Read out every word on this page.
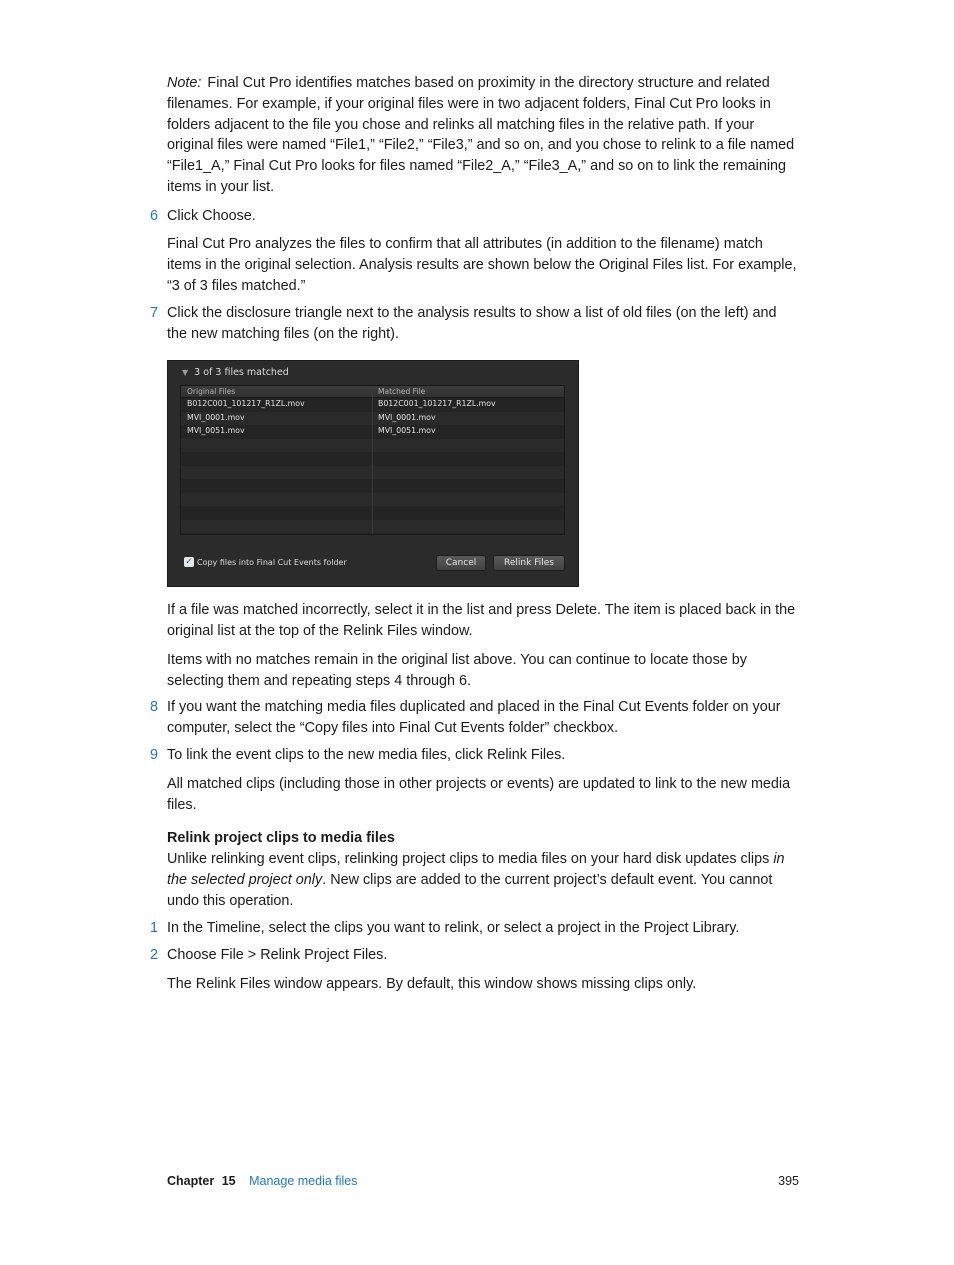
Note: Final Cut Pro identifies matches based on proximity in the directory structure and related filenames. For example, if your original files were in two adjacent folders, Final Cut Pro looks in folders adjacent to the file you chose and relinks all matching files in the relative path. If your original files were named “File1,” “File2,” “File3,” and so on, and you chose to relink to a file named “File1_A,” Final Cut Pro looks for files named “File2_A,” “File3_A,” and so on to link the remaining items in your list.

6 Click Choose.

Final Cut Pro analyzes the files to confirm that all attributes (in addition to the filename) match items in the original selection. Analysis results are shown below the Original Files list. For example, “3 of 3 files matched.”

7 Click the disclosure triangle next to the analysis results to show a list of old files (on the left) and the new matching files (on the right).

▼ 3 of 3 files matched
Original Files	Matched File
B012C001_101217_R1ZL.mov	B012C001_101217_R1ZL.mov
MVI_0001.mov	MVI_0001.mov
MVI_0051.mov	MVI_0051.mov
✓ Copy files into Final Cut Events folder	Cancel	Relink Files

If a file was matched incorrectly, select it in the list and press Delete. The item is placed back in the original list at the top of the Relink Files window.

Items with no matches remain in the original list above. You can continue to locate those by selecting them and repeating steps 4 through 6.

8 If you want the matching media files duplicated and placed in the Final Cut Events folder on your computer, select the “Copy files into Final Cut Events folder” checkbox.

9 To link the event clips to the new media files, click Relink Files.

All matched clips (including those in other projects or events) are updated to link to the new media files.

Relink project clips to media files

Unlike relinking event clips, relinking project clips to media files on your hard disk updates clips in the selected project only. New clips are added to the current project’s default event. You cannot undo this operation.

1 In the Timeline, select the clips you want to relink, or select a project in the Project Library.

2 Choose File > Relink Project Files.

The Relink Files window appears. By default, this window shows missing clips only.

Chapter 15 Manage media files	395
